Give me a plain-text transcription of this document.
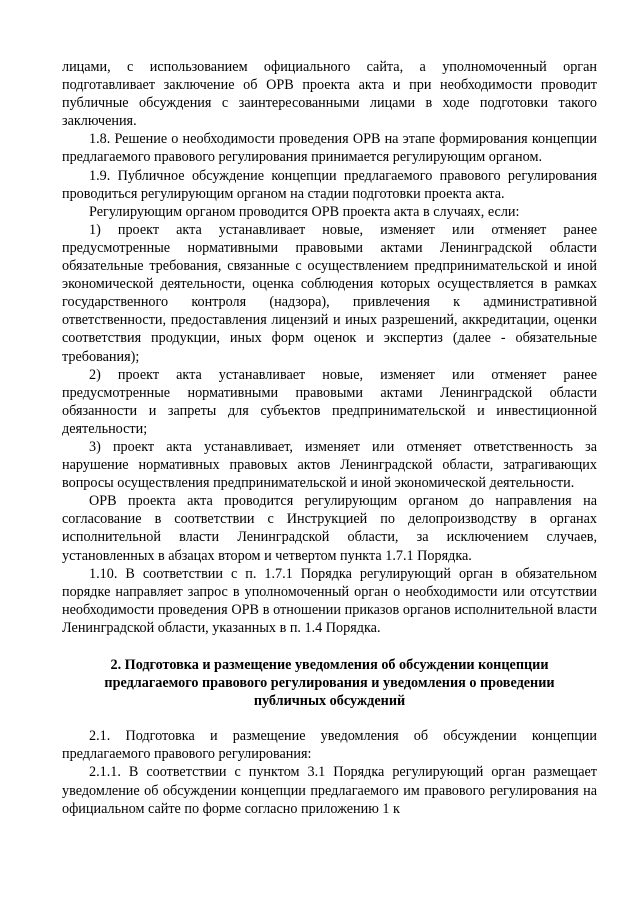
лицами, с использованием официального сайта, а уполномоченный орган подготавливает заключение об ОРВ проекта акта и при необходимости проводит публичные обсуждения с заинтересованными лицами в ходе подготовки такого заключения.

1.8. Решение о необходимости проведения ОРВ на этапе формирования концепции предлагаемого правового регулирования принимается регулирующим органом.

1.9. Публичное обсуждение концепции предлагаемого правового регулирования проводиться регулирующим органом на стадии подготовки проекта акта.

Регулирующим органом проводится ОРВ проекта акта в случаях, если:

1) проект акта устанавливает новые, изменяет или отменяет ранее предусмотренные нормативными правовыми актами Ленинградской области обязательные требования, связанные с осуществлением предпринимательской и иной экономической деятельности, оценка соблюдения которых осуществляется в рамках государственного контроля (надзора), привлечения к административной ответственности, предоставления лицензий и иных разрешений, аккредитации, оценки соответствия продукции, иных форм оценок и экспертиз (далее - обязательные требования);

2) проект акта устанавливает новые, изменяет или отменяет ранее предусмотренные нормативными правовыми актами Ленинградской области обязанности и запреты для субъектов предпринимательской и инвестиционной деятельности;

3) проект акта устанавливает, изменяет или отменяет ответственность за нарушение нормативных правовых актов Ленинградской области, затрагивающих вопросы осуществления предпринимательской и иной экономической деятельности.

ОРВ проекта акта проводится регулирующим органом до направления на согласование в соответствии с Инструкцией по делопроизводству в органах исполнительной власти Ленинградской области, за исключением случаев, установленных в абзацах втором и четвертом пункта 1.7.1 Порядка.

1.10. В соответствии с п. 1.7.1 Порядка регулирующий орган в обязательном порядке направляет запрос в уполномоченный орган о необходимости или отсутствии необходимости проведения ОРВ в отношении приказов органов исполнительной власти Ленинградской области, указанных в п. 1.4 Порядка.

2. Подготовка и размещение уведомления об обсуждении концепции предлагаемого правового регулирования и уведомления о проведении публичных обсуждений

2.1. Подготовка и размещение уведомления об обсуждении концепции предлагаемого правового регулирования:

2.1.1. В соответствии с пунктом 3.1 Порядка регулирующий орган размещает уведомление об обсуждении концепции предлагаемого им правового регулирования на официальном сайте по форме согласно приложению 1 к
